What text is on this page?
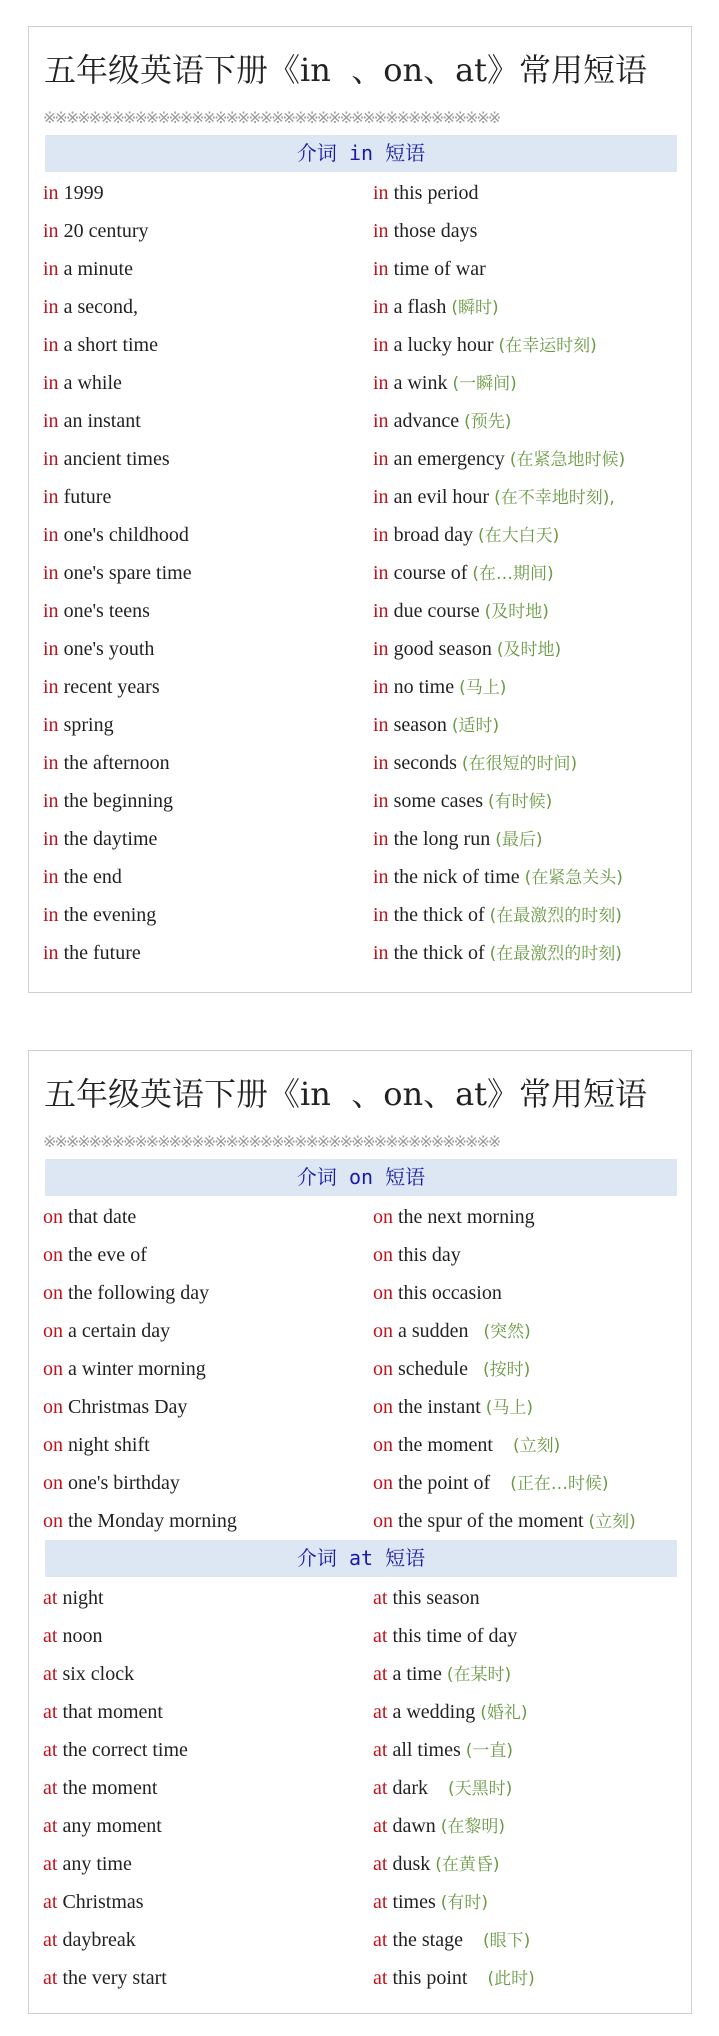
五年级英语下册《in  、on、at》常用短语
※※※※※※※※※※※※※※※※※※※※※※※※※※※※※※※※※※※※※※※※
介词 in 短语
in 1999	in this period
in 20 century	in those days
in a minute	in time of war
in a second,	in a flash (瞬时)
in a short time	in a lucky hour (在幸运时刻)
in a while	in a wink (一瞬间)
in an instant	in advance (预先)
in ancient times	in an emergency (在紧急地时候)
in future	in an evil hour (在不幸地时刻),
in one's childhood	in broad day (在大白天)
in one's spare time	in course of (在…期间)
in one's teens	in due course (及时地)
in one's youth	in good season (及时地)
in recent years	in no time (马上)
in spring	in season (适时)
in the afternoon	in seconds (在很短的时间)
in the beginning	in some cases (有时候)
in the daytime	in the long run (最后)
in the end	in the nick of time (在紧急关头)
in the evening	in the thick of (在最激烈的时刻)
in the future	in the thick of (在最激烈的时刻)
五年级英语下册《in  、on、at》常用短语
※※※※※※※※※※※※※※※※※※※※※※※※※※※※※※※※※※※※※※※※
介词 on 短语
on that date	on the next morning
on the eve of	on this day
on the following day	on this occasion
on a certain day	on a sudden   (突然)
on a winter morning	on schedule   (按时)
on Christmas Day	on the instant (马上)
on night shift	on the moment    (立刻)
on one's birthday	on the point of    (正在…时候)
on the Monday morning	on the spur of the moment (立刻)
介词 at 短语
at night	at this season
at noon	at this time of day
at six clock	at a time (在某时)
at that moment	at a wedding (婚礼)
at the correct time	at all times (一直)
at the moment	at dark    (天黑时)
at any moment	at dawn (在黎明)
at any time	at dusk (在黄昏)
at Christmas	at times (有时)
at daybreak	at the stage    (眼下)
at the very start	at this point    (此时)
